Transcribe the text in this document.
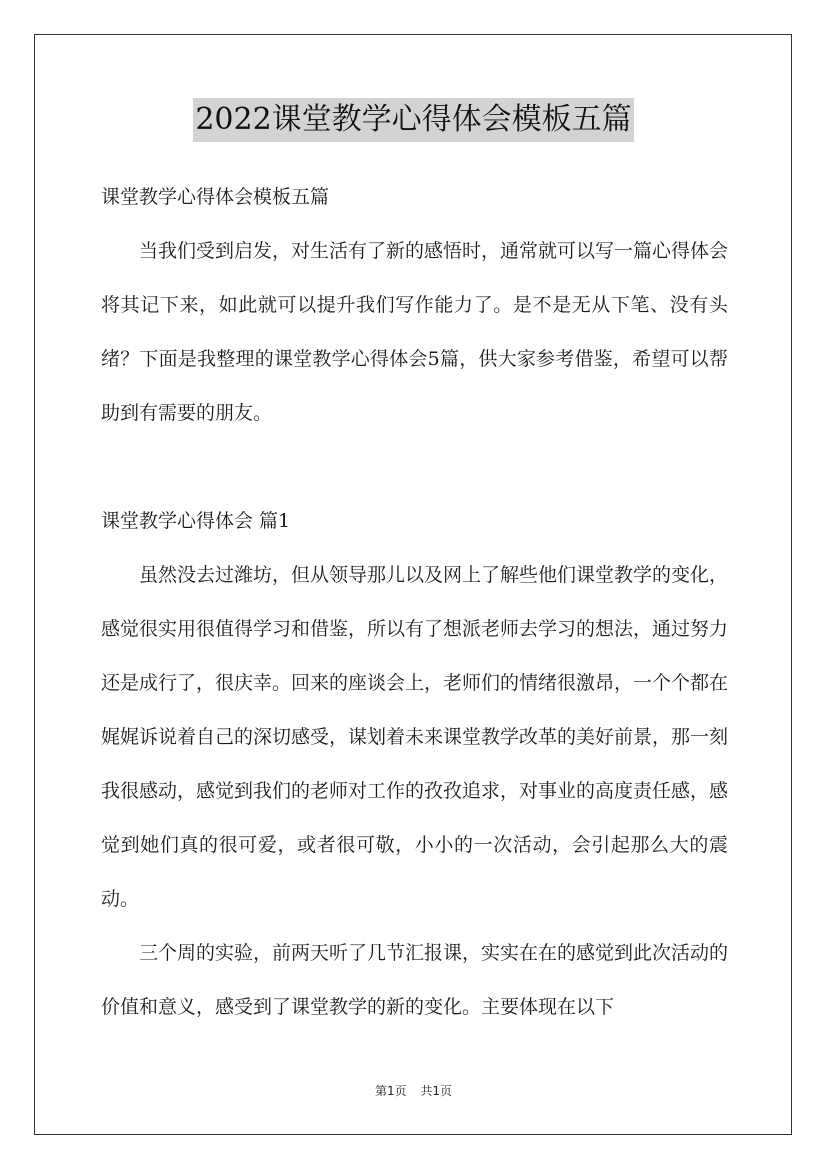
2022课堂教学心得体会模板五篇

课堂教学心得体会模板五篇

当我们受到启发，对生活有了新的感悟时，通常就可以写一篇心得体会将其记下来，如此就可以提升我们写作能力了。是不是无从下笔、没有头绪？下面是我整理的课堂教学心得体会5篇，供大家参考借鉴，希望可以帮助到有需要的朋友。

课堂教学心得体会 篇1

虽然没去过潍坊，但从领导那儿以及网上了解些他们课堂教学的变化，感觉很实用很值得学习和借鉴，所以有了想派老师去学习的想法，通过努力还是成行了，很庆幸。回来的座谈会上，老师们的情绪很激昂，一个个都在娓娓诉说着自己的深切感受，谋划着未来课堂教学改革的美好前景，那一刻我很感动，感觉到我们的老师对工作的孜孜追求，对事业的高度责任感，感觉到她们真的很可爱，或者很可敬，小小的一次活动，会引起那么大的震动。

三个周的实验，前两天听了几节汇报课，实实在在的感觉到此次活动的价值和意义，感受到了课堂教学的新的变化。主要体现在以下

第1页 共1页
